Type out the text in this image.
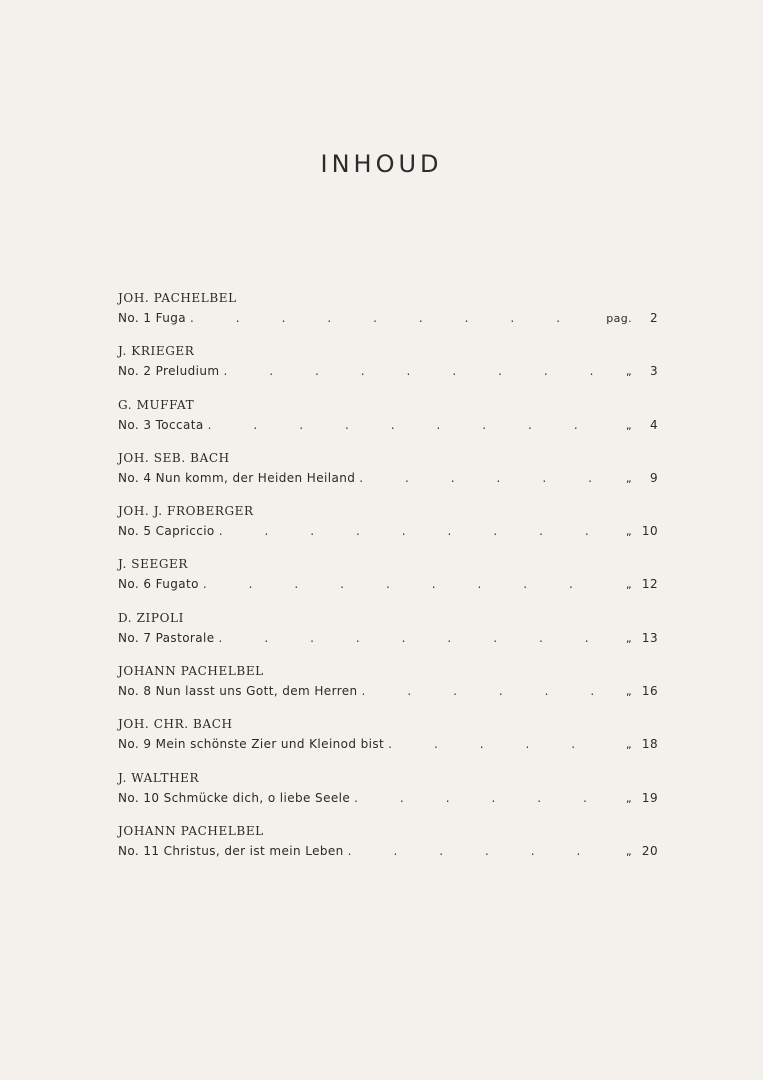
INHOUD
JOH. PACHELBEL
No. 1 Fuga .	pag.	2
J. KRIEGER
No. 2 Preludium .	„	3
G. MUFFAT
No. 3 Toccata .	„	4
JOH. SEB. BACH
No. 4 Nun komm, der Heiden Heiland .	„	9
JOH. J. FROBERGER
No. 5 Capriccio .	„ 10
J. SEEGER
No. 6 Fugato .	„ 12
D. ZIPOLI
No. 7 Pastorale .	„ 13
JOHANN PACHELBEL
No. 8 Nun lasst uns Gott, dem Herren .	„ 16
JOH. CHR. BACH
No. 9 Mein schönste Zier und Kleinod bist .	„ 18
J. WALTHER
No. 10 Schmücke dich, o liebe Seele .	„ 19
JOHANN PACHELBEL
No. 11 Christus, der ist mein Leben .	„ 20
